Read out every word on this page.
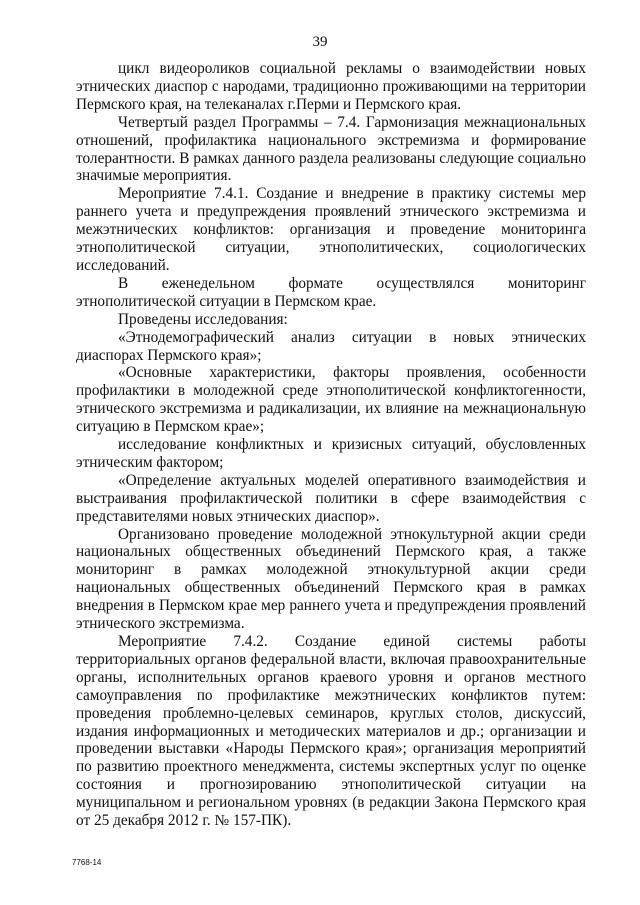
39

цикл видеороликов социальной рекламы о взаимодействии новых этнических диаспор с народами, традиционно проживающими на территории Пермского края, на телеканалах г.Перми и Пермского края.

Четвертый раздел Программы – 7.4. Гармонизация межнациональных отношений, профилактика национального экстремизма и формирование толерантности. В рамках данного раздела реализованы следующие социально значимые мероприятия.

Мероприятие 7.4.1. Создание и внедрение в практику системы мер раннего учета и предупреждения проявлений этнического экстремизма и межэтнических конфликтов: организация и проведение мониторинга этнополитической ситуации, этнополитических, социологических исследований.

В еженедельном формате осуществлялся мониторинг этнополитической ситуации в Пермском крае.

Проведены исследования:

«Этнодемографический анализ ситуации в новых этнических диаспорах Пермского края»;

«Основные характеристики, факторы проявления, особенности профилактики в молодежной среде этнополитической конфликтогенности, этнического экстремизма и радикализации, их влияние на межнациональную ситуацию в Пермском крае»;

исследование конфликтных и кризисных ситуаций, обусловленных этническим фактором;

«Определение актуальных моделей оперативного взаимодействия и выстраивания профилактической политики в сфере взаимодействия с представителями новых этнических диаспор».

Организовано проведение молодежной этнокультурной акции среди национальных общественных объединений Пермского края, а также мониторинг в рамках молодежной этнокультурной акции среди национальных общественных объединений Пермского края в рамках внедрения в Пермском крае мер раннего учета и предупреждения проявлений этнического экстремизма.

Мероприятие 7.4.2. Создание единой системы работы территориальных органов федеральной власти, включая правоохранительные органы, исполнительных органов краевого уровня и органов местного самоуправления по профилактике межэтнических конфликтов путем: проведения проблемно-целевых семинаров, круглых столов, дискуссий, издания информационных и методических материалов и др.; организации и проведении выставки «Народы Пермского края»; организация мероприятий по развитию проектного менеджмента, системы экспертных услуг по оценке состояния и прогнозированию этнополитической ситуации на муниципальном и региональном уровнях (в редакции Закона Пермского края от 25 декабря 2012 г. № 157-ПК).

7768-14
